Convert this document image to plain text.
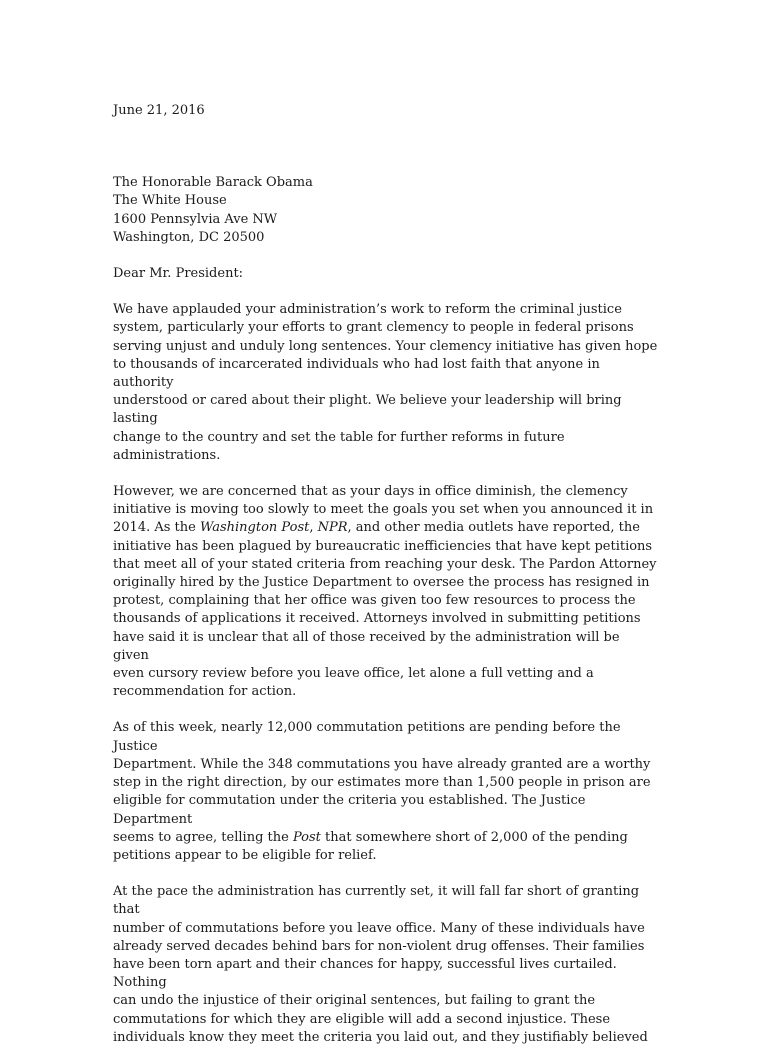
June 21, 2016

The Honorable Barack Obama

The White House

1600 Pennsylvia Ave NW

Washington, DC 20500

Dear Mr. President:

We have applauded your administration’s work to reform the criminal justice
system, particularly your efforts to grant clemency to people in federal prisons
serving unjust and unduly long sentences. Your clemency initiative has given hope
to thousands of incarcerated individuals who had lost faith that anyone in authority
understood or cared about their plight. We believe your leadership will bring lasting
change to the country and set the table for further reforms in future
administrations.

However, we are concerned that as your days in office diminish, the clemency
initiative is moving too slowly to meet the goals you set when you announced it in
2014. As the Washington Post, NPR, and other media outlets have reported, the
initiative has been plagued by bureaucratic inefficiencies that have kept petitions
that meet all of your stated criteria from reaching your desk. The Pardon Attorney
originally hired by the Justice Department to oversee the process has resigned in
protest, complaining that her office was given too few resources to process the
thousands of applications it received. Attorneys involved in submitting petitions
have said it is unclear that all of those received by the administration will be given
even cursory review before you leave office, let alone a full vetting and a
recommendation for action.

As of this week, nearly 12,000 commutation petitions are pending before the Justice
Department. While the 348 commutations you have already granted are a worthy
step in the right direction, by our estimates more than 1,500 people in prison are
eligible for commutation under the criteria you established. The Justice Department
seems to agree, telling the Post that somewhere short of 2,000 of the pending
petitions appear to be eligible for relief.

At the pace the administration has currently set, it will fall far short of granting that
number of commutations before you leave office. Many of these individuals have
already served decades behind bars for non-violent drug offenses. Their families
have been torn apart and their chances for happy, successful lives curtailed. Nothing
can undo the injustice of their original sentences, but failing to grant the
commutations for which they are eligible will add a second injustice. These
individuals know they meet the criteria you laid out, and they justifiably believed
